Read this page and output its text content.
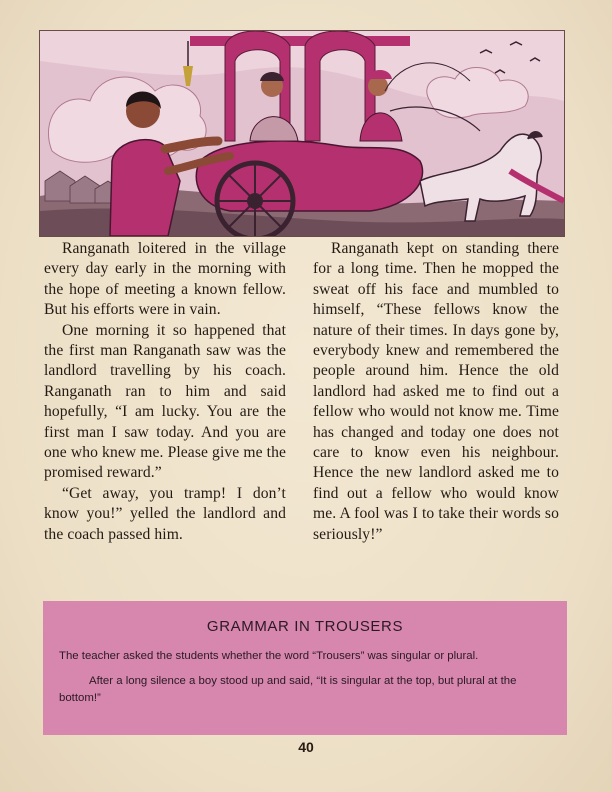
Ranganath loitered in the village every day early in the morning with the hope of meeting a known fellow. But his efforts were in vain.

One morning it so happened that the first man Ranganath saw was the landlord travelling by his coach. Ranganath ran to him and said hopefully, “I am lucky. You are the first man I saw today. And you are one who knew me. Please give me the promised reward.”

“Get away, you tramp! I don’t know you!” yelled the landlord and the coach passed him.

Ranganath kept on standing there for a long time. Then he mopped the sweat off his face and mumbled to himself, “These fellows know the nature of their times. In days gone by, everybody knew and remembered the people around him. Hence the old landlord had asked me to find out a fellow who would not know me. Time has changed and today one does not care to know even his neighbour. Hence the new landlord asked me to find out a fellow who would know me. A fool was I to take their words so seriously!”

GRAMMAR IN TROUSERS

The teacher asked the students whether the word “Trousers” was singular or plural.

After a long silence a boy stood up and said, “It is singular at the top, but plural at the bottom!”

40
